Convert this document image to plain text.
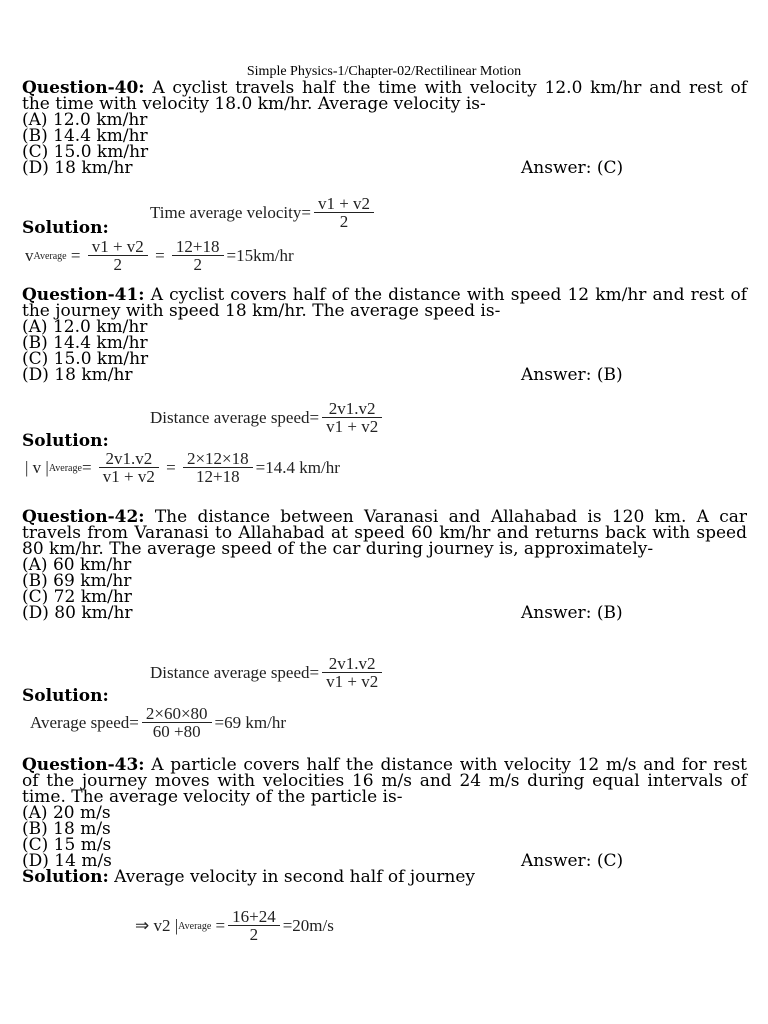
Simple Physics-1/Chapter-02/Rectilinear Motion

Question-40: A cyclist travels half the time with velocity 12.0 km/hr and rest of the time with velocity 18.0 km/hr. Average velocity is-

(A) 12.0 km/hr

(B) 14.4 km/hr

(C) 15.0 km/hr

(D) 18 km/hr	Answer: (C)
Time average velocity= $\frac{v1 + v2}{2}$
Solution:
vAverage = $\frac{v1 + v2}{2} = \frac{12+18}{2} =15km/hr$

Question-41: A cyclist covers half of the distance with speed 12 km/hr and rest of the journey with speed 18 km/hr. The average speed is-

(A) 12.0 km/hr

(B) 14.4 km/hr

(C) 15.0 km/hr

(D) 18 km/hr	Answer: (B)
Distance average speed= $\frac{2v1.v2}{v1 + v2}$
Solution:
| v |Average= $\frac{2v1.v2}{v1 + v2} = \frac{2\times 12\times 18}{12+18} =14.4$ km/hr

Question-42: The distance between Varanasi and Allahabad is 120 km. A car travels from Varanasi to Allahabad at speed 60 km/hr and returns back with speed 80 km/hr. The average speed of the car during journey is, approximately-

(A) 60 km/hr

(B) 69 km/hr

(C) 72 km/hr

(D) 80 km/hr	Answer: (B)
Distance average speed= $\frac{2v1.v2}{v1 + v2}$
Solution:
Average speed= $\frac{2\times 60\times 80}{60 +80} =69$ km/hr

Question-43: A particle covers half the distance with velocity 12 m/s and for rest of the journey moves with velocities 16 m/s and 24 m/s during equal intervals of time. The average velocity of the particle is-

(A) 20 m/s

(B) 18 m/s

(C) 15 m/s

(D) 14 m/s	Answer: (C)

Solution: Average velocity in second half of journey

⇒ v2 |Average = $\frac{16+24}{2} =20m/s$
